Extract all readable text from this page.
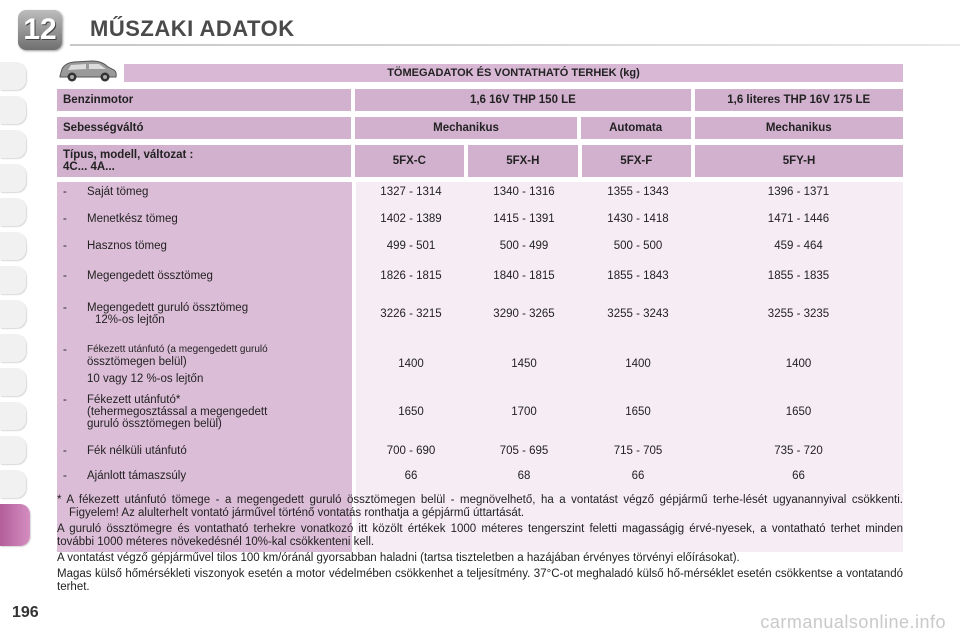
12 MŰSZAKI ADATOK
TÖMEGADATOK ÉS VONTATHATÓ TERHEK (kg)
Benzinmotor	1,6 16V THP 150 LE	1,6 literes THP 16V 175 LE
Sebességváltó	Mechanikus	Automata	Mechanikus
Típus, modell, változat :
4C... 4A...	5FX-C	5FX-H	5FX-F	5FY-H
-	Saját tömeg	1327 - 1314	1340 - 1316	1355 - 1343	1396 - 1371
-	Menetkész tömeg	1402 - 1389	1415 - 1391	1430 - 1418	1471 - 1446
-	Hasznos tömeg	499 - 501	500 - 499	500 - 500	459 - 464
-	Megengedett össztömeg	1826 - 1815	1840 - 1815	1855 - 1843	1855 - 1835
-	Megengedett guruló össztömeg
12%-os lejtőn	3226 - 3215	3290 - 3265	3255 - 3243	3255 - 3235
-	Fékezett utánfutó (a megengedett guruló
össztömegen belül)
10 vagy 12 %-os lejtőn
1400	1450	1400	1400
-	Fékezett utánfutó*
(tehermegosztással a megengedett
guruló össztömegen belül)
1650	1700	1650	1650
-	Fék nélküli utánfutó	700 - 690	705 - 695	715 - 705	735 - 720
-	Ajánlott támaszsúly	66	68	66	66

* A fékezett utánfutó tömege - a megengedett guruló össztömegen belül - megnövelhető, ha a vontatást végző gépjármű terhe-lését ugyanannyival csökkenti. Figyelem! Az alulterhelt vontató járművel történő vontatás ronthatja a gépjármű úttartását.

A guruló össztömegre és vontatható terhekre vonatkozó itt közölt értékek 1000 méteres tengerszint feletti magasságig érvé-nyesek, a vontatható terhet minden további 1000 méteres növekedésnél 10%-kal csökkenteni kell.

A vontatást végző gépjárművel tilos 100 km/óránál gyorsabban haladni (tartsa tiszteletben a hazájában érvényes törvényi előírásokat).

Magas külső hőmérsékleti viszonyok esetén a motor védelmében csökkenhet a teljesítmény. 37°C-ot meghaladó külső hő-mérséklet esetén csökkentse a vontatandó terhet.

196	carmanualsonline.info
